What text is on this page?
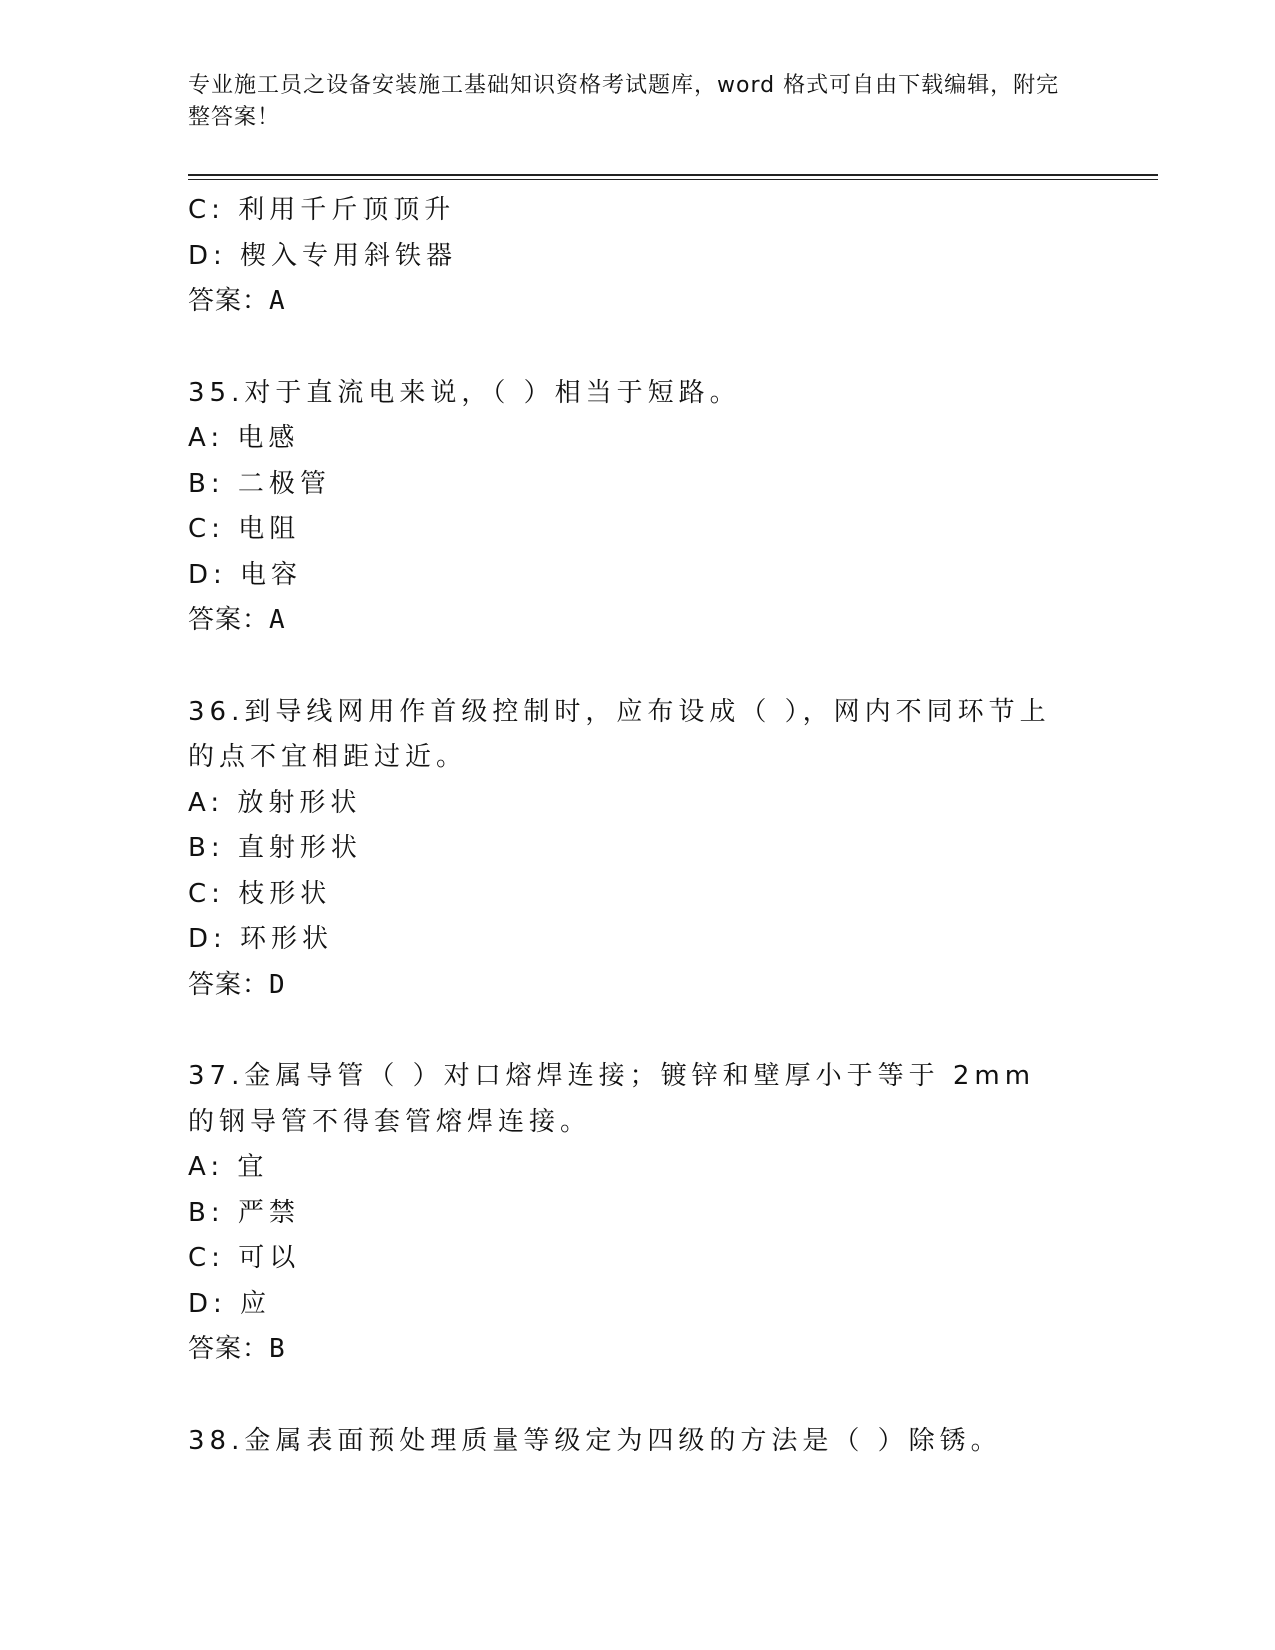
专业施工员之设备安装施工基础知识资格考试题库，word 格式可自由下载编辑，附完整答案！
C: 利用千斤顶顶升
D: 楔入专用斜铁器
答案：A
35.对于直流电来说，（ ）相当于短路。
A: 电感
B: 二极管
C: 电阻
D: 电容
答案：A
36.到导线网用作首级控制时，应布设成（ ），网内不同环节上的点不宜相距过近。
A: 放射形状
B: 直射形状
C: 枝形状
D: 环形状
答案：D
37.金属导管（ ）对口熔焊连接；镀锌和壁厚小于等于 2mm 的钢导管不得套管熔焊连接。
A: 宜
B: 严禁
C: 可以
D: 应
答案：B
38.金属表面预处理质量等级定为四级的方法是（ ）除锈。
